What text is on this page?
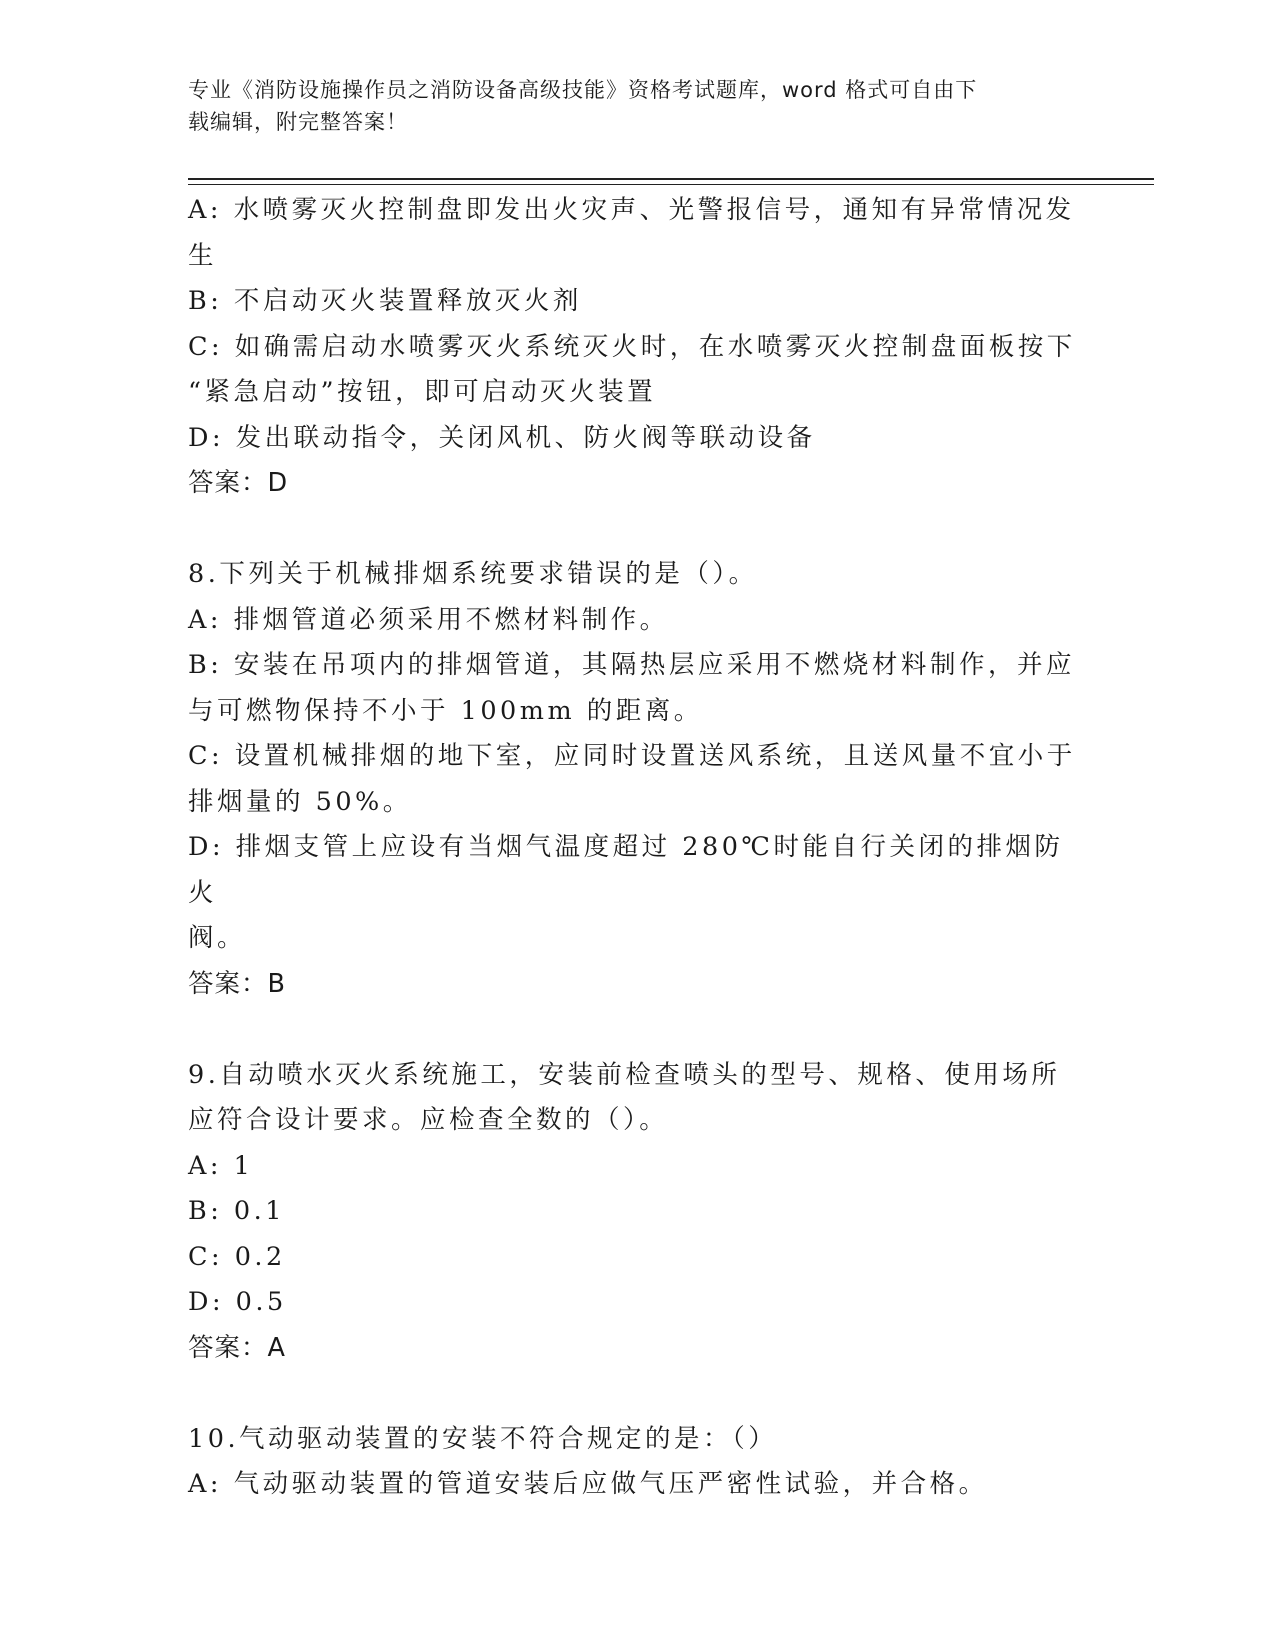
专业《消防设施操作员之消防设备高级技能》资格考试题库，word 格式可自由下
载编辑，附完整答案！
A: 水喷雾灭火控制盘即发出火灾声、光警报信号，通知有异常情况发
生
B: 不启动灭火装置释放灭火剂
C: 如确需启动水喷雾灭火系统灭火时，在水喷雾灭火控制盘面板按下
“紧急启动”按钮，即可启动灭火装置
D: 发出联动指令，关闭风机、防火阀等联动设备
答案：D
8.下列关于机械排烟系统要求错误的是（）。
A: 排烟管道必须采用不燃材料制作。
B: 安装在吊项内的排烟管道，其隔热层应采用不燃烧材料制作，并应
与可燃物保持不小于 100mm 的距离。
C: 设置机械排烟的地下室，应同时设置送风系统，且送风量不宜小于
排烟量的 50%。
D: 排烟支管上应设有当烟气温度超过 280℃时能自行关闭的排烟防火
阀。
答案：B
9.自动喷水灭火系统施工，安装前检查喷头的型号、规格、使用场所
应符合设计要求。应检查全数的（）。
A: 1
B: 0.1
C: 0.2
D: 0.5
答案：A
10.气动驱动装置的安装不符合规定的是：（）
A: 气动驱动装置的管道安装后应做气压严密性试验，并合格。
